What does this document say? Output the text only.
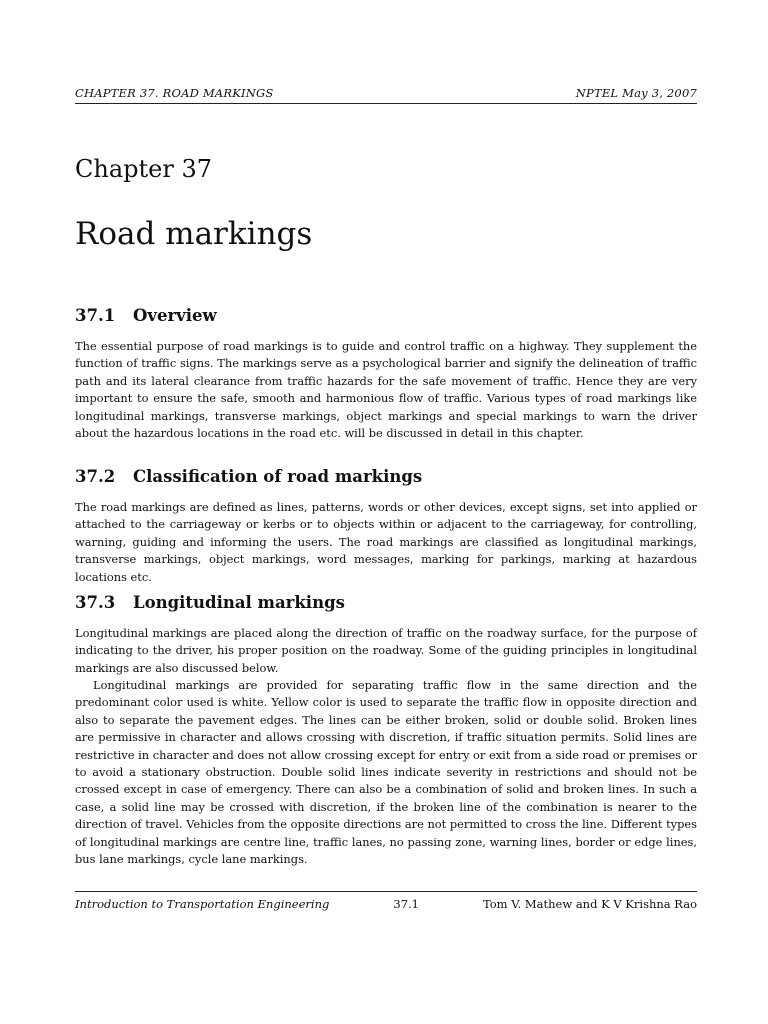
CHAPTER 37. ROAD MARKINGS	NPTEL May 3, 2007
Chapter 37
Road markings
37.1 Overview

The essential purpose of road markings is to guide and control traffic on a highway. They supplement the function of traffic signs. The markings serve as a psychological barrier and signify the delineation of traffic path and its lateral clearance from traffic hazards for the safe movement of traffic. Hence they are very important to ensure the safe, smooth and harmonious flow of traffic. Various types of road markings like longitudinal markings, transverse markings, object markings and special markings to warn the driver about the hazardous locations in the road etc. will be discussed in detail in this chapter.

37.2 Classification of road markings

The road markings are defined as lines, patterns, words or other devices, except signs, set into applied or attached to the carriageway or kerbs or to objects within or adjacent to the carriageway, for controlling, warning, guiding and informing the users. The road markings are classified as longitudinal markings, transverse markings, object markings, word messages, marking for parkings, marking at hazardous locations etc.

37.3 Longitudinal markings

Longitudinal markings are placed along the direction of traffic on the roadway surface, for the purpose of indicating to the driver, his proper position on the roadway. Some of the guiding principles in longitudinal markings are also discussed below.

Longitudinal markings are provided for separating traffic flow in the same direction and the predominant color used is white. Yellow color is used to separate the traffic flow in opposite direction and also to separate the pavement edges. The lines can be either broken, solid or double solid. Broken lines are permissive in character and allows crossing with discretion, if traffic situation permits. Solid lines are restrictive in character and does not allow crossing except for entry or exit from a side road or premises or to avoid a stationary obstruction. Double solid lines indicate severity in restrictions and should not be crossed except in case of emergency. There can also be a combination of solid and broken lines. In such a case, a solid line may be crossed with discretion, if the broken line of the combination is nearer to the direction of travel. Vehicles from the opposite directions are not permitted to cross the line. Different types of longitudinal markings are centre line, traffic lanes, no passing zone, warning lines, border or edge lines, bus lane markings, cycle lane markings.

Introduction to Transportation Engineering	37.1	Tom V. Mathew and K V Krishna Rao
